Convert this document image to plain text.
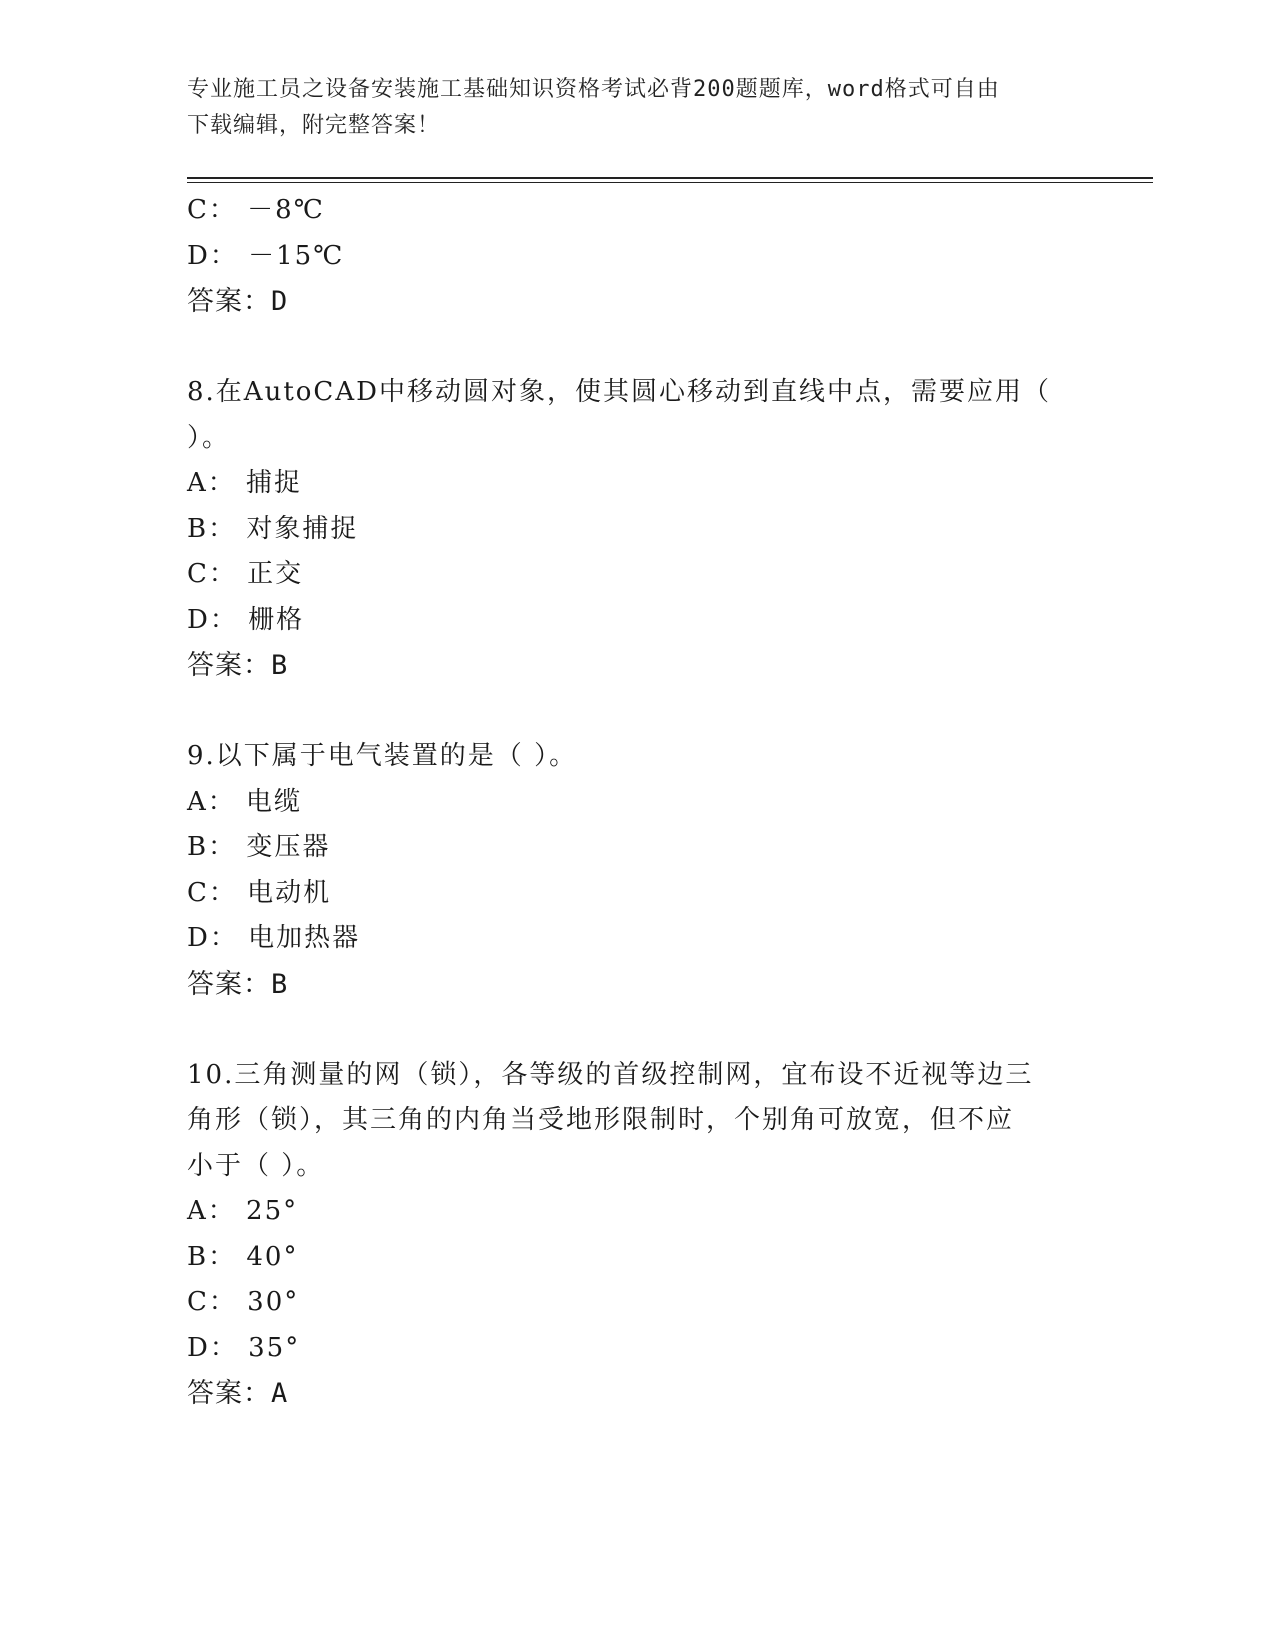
专业施工员之设备安装施工基础知识资格考试必背200题题库，word格式可自由
下载编辑，附完整答案！
C： －8℃
D： －15℃
答案：D
8.在AutoCAD中移动圆对象，使其圆心移动到直线中点，需要应用（
）。
A： 捕捉
B： 对象捕捉
C： 正交
D： 栅格
答案：B
9.以下属于电气装置的是（ ）。
A： 电缆
B： 变压器
C： 电动机
D： 电加热器
答案：B
10.三角测量的网（锁），各等级的首级控制网，宜布设不近视等边三
角形（锁），其三角的内角当受地形限制时，个别角可放宽，但不应
小于（ ）。
A： 25°
B： 40°
C： 30°
D： 35°
答案：A
